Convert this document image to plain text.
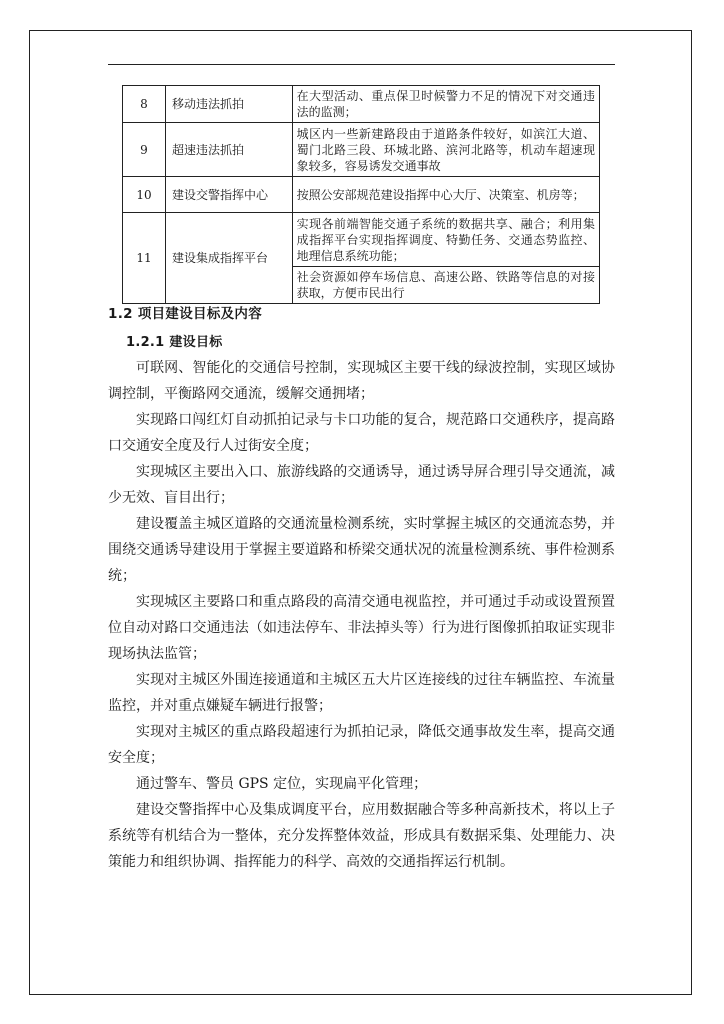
8	移动违法抓拍	在大型活动、重点保卫时候警力不足的情况下对交通违法的监测；
9	超速违法抓拍	城区内一些新建路段由于道路条件较好，如滨江大道、蜀门北路三段、环城北路、滨河北路等，机动车超速现象较多，容易诱发交通事故
10	建设交警指挥中心	按照公安部规范建设指挥中心大厅、决策室、机房等；
11	建设集成指挥平台	实现各前端智能交通子系统的数据共享、融合；利用集成指挥平台实现指挥调度、特勤任务、交通态势监控、地理信息系统功能；
		社会资源如停车场信息、高速公路、铁路等信息的对接获取，方便市民出行
1.2 项目建设目标及内容
1.2.1 建设目标

可联网、智能化的交通信号控制，实现城区主要干线的绿波控制，实现区域协调控制，平衡路网交通流，缓解交通拥堵；

实现路口闯红灯自动抓拍记录与卡口功能的复合，规范路口交通秩序，提高路口交通安全度及行人过街安全度；

实现城区主要出入口、旅游线路的交通诱导，通过诱导屏合理引导交通流，减少无效、盲目出行；

建设覆盖主城区道路的交通流量检测系统，实时掌握主城区的交通流态势，并围绕交通诱导建设用于掌握主要道路和桥梁交通状况的流量检测系统、事件检测系统；

实现城区主要路口和重点路段的高清交通电视监控，并可通过手动或设置预置位自动对路口交通违法（如违法停车、非法掉头等）行为进行图像抓拍取证实现非现场执法监管；

实现对主城区外围连接通道和主城区五大片区连接线的过往车辆监控、车流量监控，并对重点嫌疑车辆进行报警；

实现对主城区的重点路段超速行为抓拍记录，降低交通事故发生率，提高交通安全度；

通过警车、警员 GPS 定位，实现扁平化管理；

建设交警指挥中心及集成调度平台，应用数据融合等多种高新技术，将以上子系统等有机结合为一整体，充分发挥整体效益，形成具有数据采集、处理能力、决策能力和组织协调、指挥能力的科学、高效的交通指挥运行机制。
